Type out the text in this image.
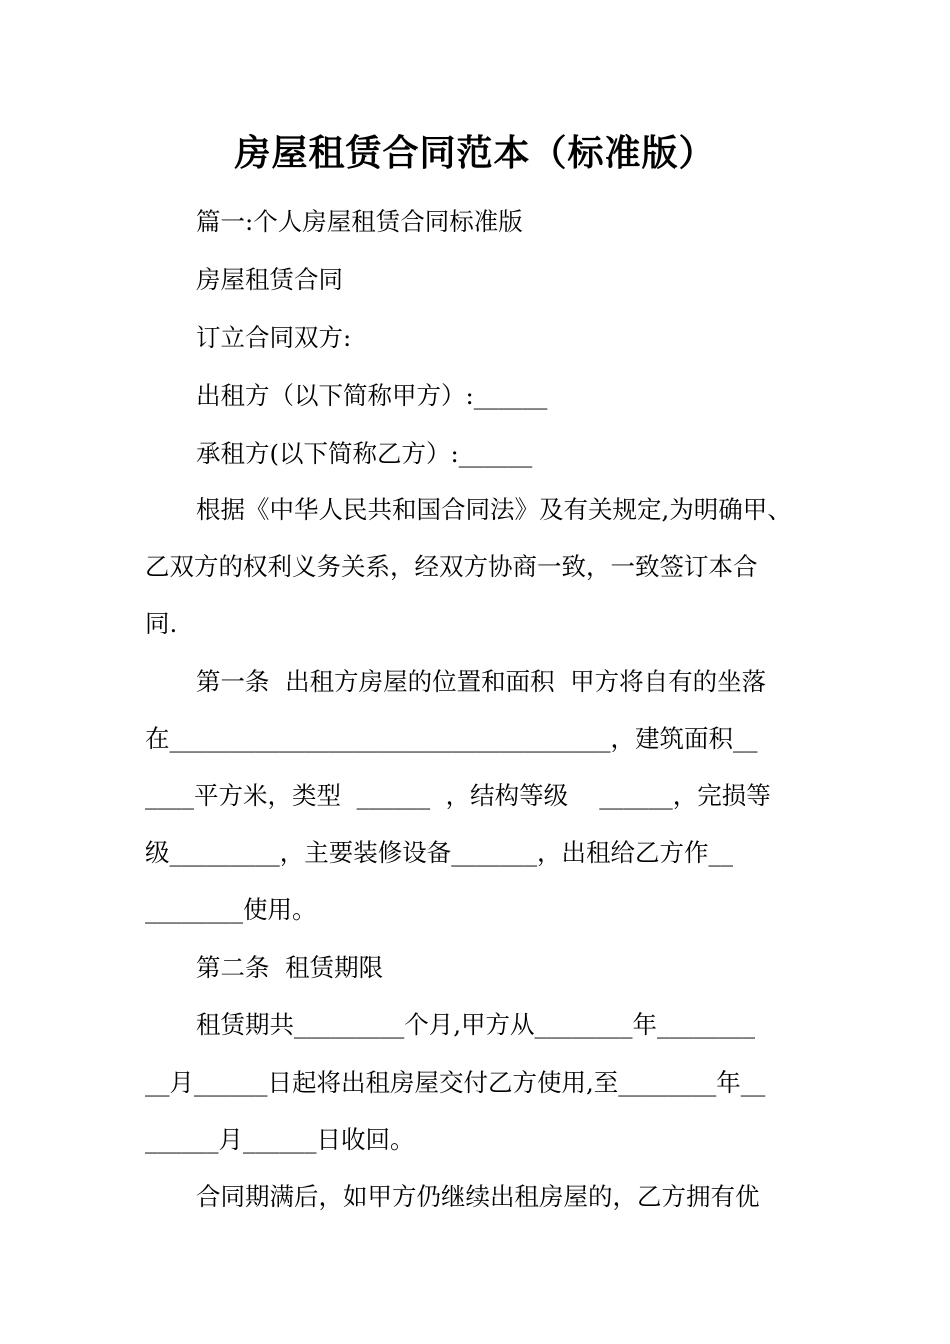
房屋租赁合同范本（标准版）
篇一:个人房屋租赁合同标准版
房屋租赁合同
订立合同双方:
出租方（以下简称甲方）:______
承租方(以下简称乙方）:______
根据《中华人民共和国合同法》及有关规定,为明确甲、
乙双方的权利义务关系，经双方协商一致，一致签订本合
同.
第一条  出租方房屋的位置和面积  甲方将自有的坐落
在____________________________________，建筑面积__
____平方米，类型  ______  ，结构等级    ______，完损等
级_________，主要装修设备_______，出租给乙方作__
________使用。
第二条  租赁期限
租赁期共_________个月,甲方从________年________
__月______日起将出租房屋交付乙方使用,至________年__
______月______日收回。
合同期满后，如甲方仍继续出租房屋的，乙方拥有优
